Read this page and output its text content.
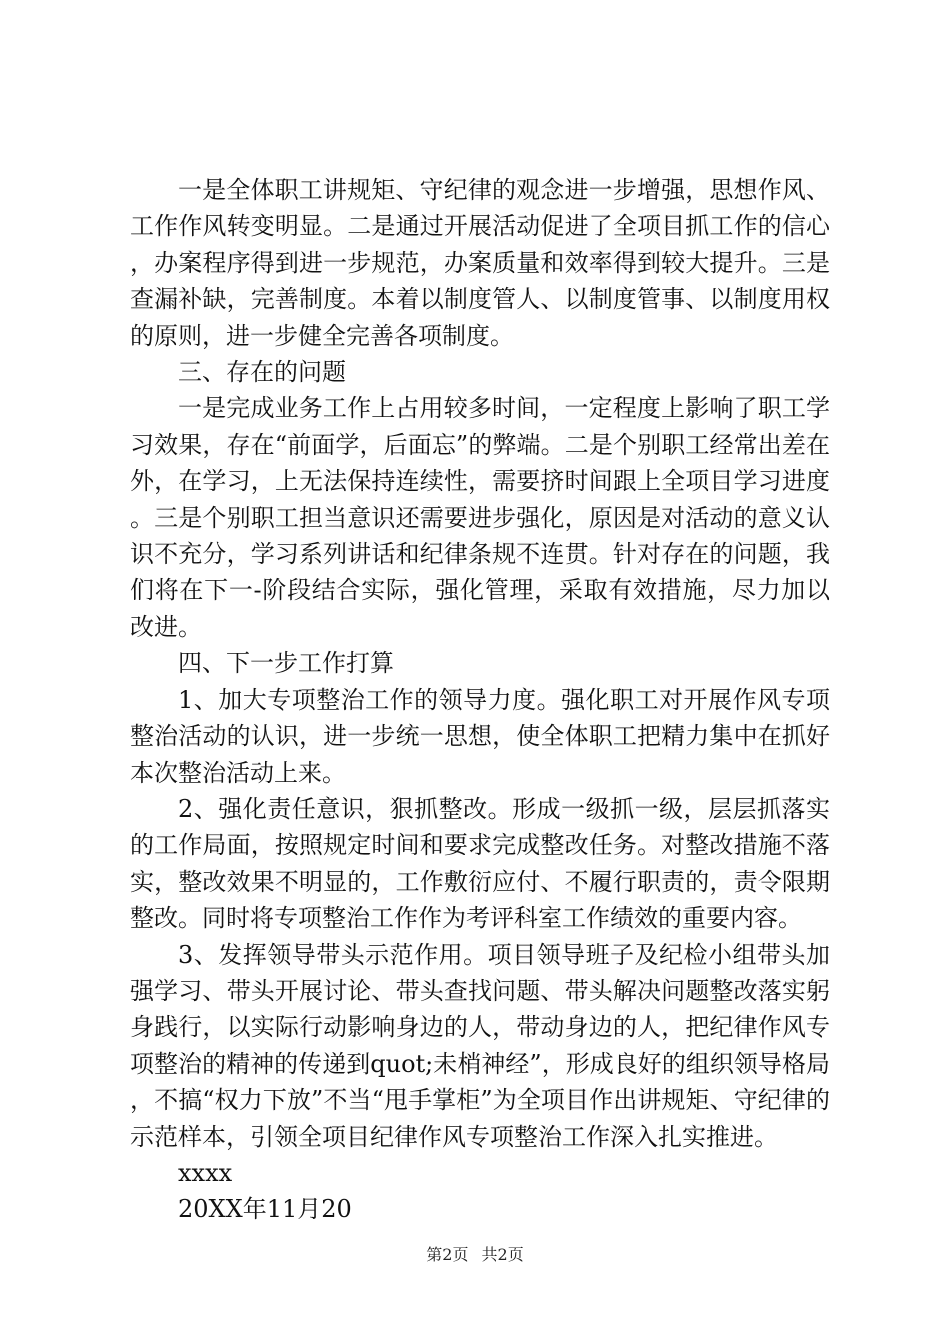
一是全体职工讲规矩、守纪律的观念进一步增强，思想作风、工作作风转变明显。二是通过开展活动促进了全项目抓工作的信心，办案程序得到进一步规范，办案质量和效率得到较大提升。三是查漏补缺，完善制度。本着以制度管人、以制度管事、以制度用权的原则，进一步健全完善各项制度。

三、存在的问题

一是完成业务工作上占用较多时间，一定程度上影响了职工学习效果，存在“前面学，后面忘”的弊端。二是个别职工经常出差在外，在学习，上无法保持连续性，需要挤时间跟上全项目学习进度。三是个别职工担当意识还需要进步强化，原因是对活动的意义认识不充分，学习系列讲话和纪律条规不连贯。针对存在的问题，我们将在下一-阶段结合实际，强化管理，采取有效措施，尽力加以改进。

四、下一步工作打算

1、加大专项整治工作的领导力度。强化职工对开展作风专项整治活动的认识，进一步统一思想，使全体职工把精力集中在抓好本次整治活动上来。

2、强化责任意识，狠抓整改。形成一级抓一级，层层抓落实的工作局面，按照规定时间和要求完成整改任务。对整改措施不落实，整改效果不明显的，工作敷衍应付、不履行职责的，责令限期整改。同时将专项整治工作作为考评科室工作绩效的重要内容。

3、发挥领导带头示范作用。项目领导班子及纪检小组带头加强学习、带头开展讨论、带头查找问题、带头解决问题整改落实躬身践行，以实际行动影响身边的人，带动身边的人，把纪律作风专项整治的精神的传递到quot;未梢神经”，形成良好的组织领导格局，不搞“权力下放”不当“甩手掌柜”为全项目作出讲规矩、守纪律的示范样本，引领全项目纪律作风专项整治工作深入扎实推进。

xxxx

20XX年11月20

第2页 共2页
